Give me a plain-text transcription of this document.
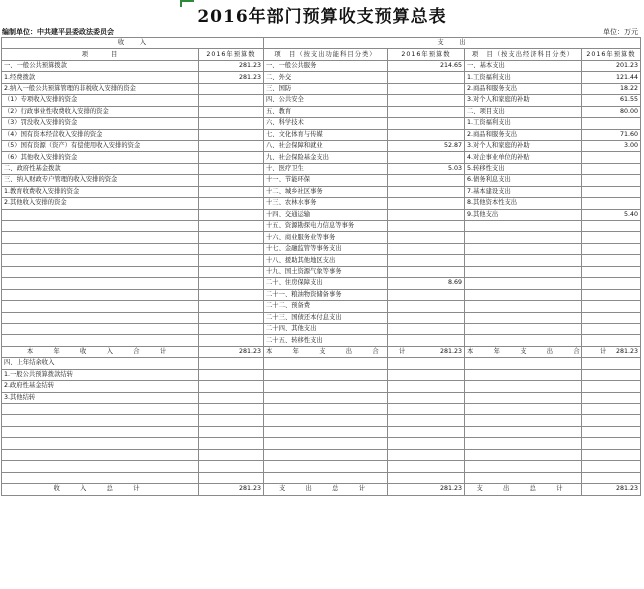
2016年部门预算收支预算总表
编制单位：中共建平县委政法委员会	单位：万元
收　　入		支　　出			
项　　　目	2016年预算数	项　目（按支出功能科目分类）	2016年预算数	项　目（按支出经济科目分类）	2016年预算数
一、一般公共预算拨款	281.23	一、一般公共服务	214.65	一、基本支出	201.23
1.经费拨款	281.23	二、外交		1.工资福利支出	121.44
2.纳入一般公共预算管理的非税收入安排的资金		三、国防		2.商品和服务支出	18.22
（1）专项收入安排的资金		四、公共安全		3.对个人和家庭的补助	61.55
（2）行政事业性收费收入安排的资金		五、教育		二、项目支出	80.00
（3）罚没收入安排的资金		六、科学技术		1.工资福利支出	
（4）国有资本经营收入安排的资金		七、文化体育与传媒		2.商品和服务支出	71.60
（5）国有资源（资产）有偿使用收入安排的资金		八、社会保障和就业	52.87	3.对个人和家庭的补助	3.00
（6）其他收入安排的资金		九、社会保险基金支出		4.对企事业单位的补贴	
二、政府性基金拨款		十、医疗卫生	5.03	5.转移性支出	
三、纳入财政专户管理的收入安排的资金		十一、节能环保		6.债务利息支出	
1.教育收费收入安排的资金		十二、城乡社区事务		7.基本建设支出	
2.其他收入安排的资金		十三、农林水事务		8.其他资本性支出	
		十四、交通运输		9.其他支出	5.40
		十五、资源勘探电力信息等事务			
		十六、商业服务业等事务			
		十七、金融监管等事务支出			
		十八、援助其他地区支出			
		十九、国土资源气象等事务			
		二十、住房保障支出	8.69		
		二十一、粮油物资储备事务			
		二十二、预备费			
		二十三、国债还本付息支出			
		二十四、其他支出			
		二十五、转移性支出			
本　年　收　入　合　计	281.23	本　年　支　出　合　计	281.23	本　年　支　出　合　计	281.23
四、上年结余收入					
1.一般公共预算拨款结转					
2.政府性基金结转					
3.其他结转					

收　入　总　计	281.23	支　出　总　计	281.23	支　出　总　计	281.23
